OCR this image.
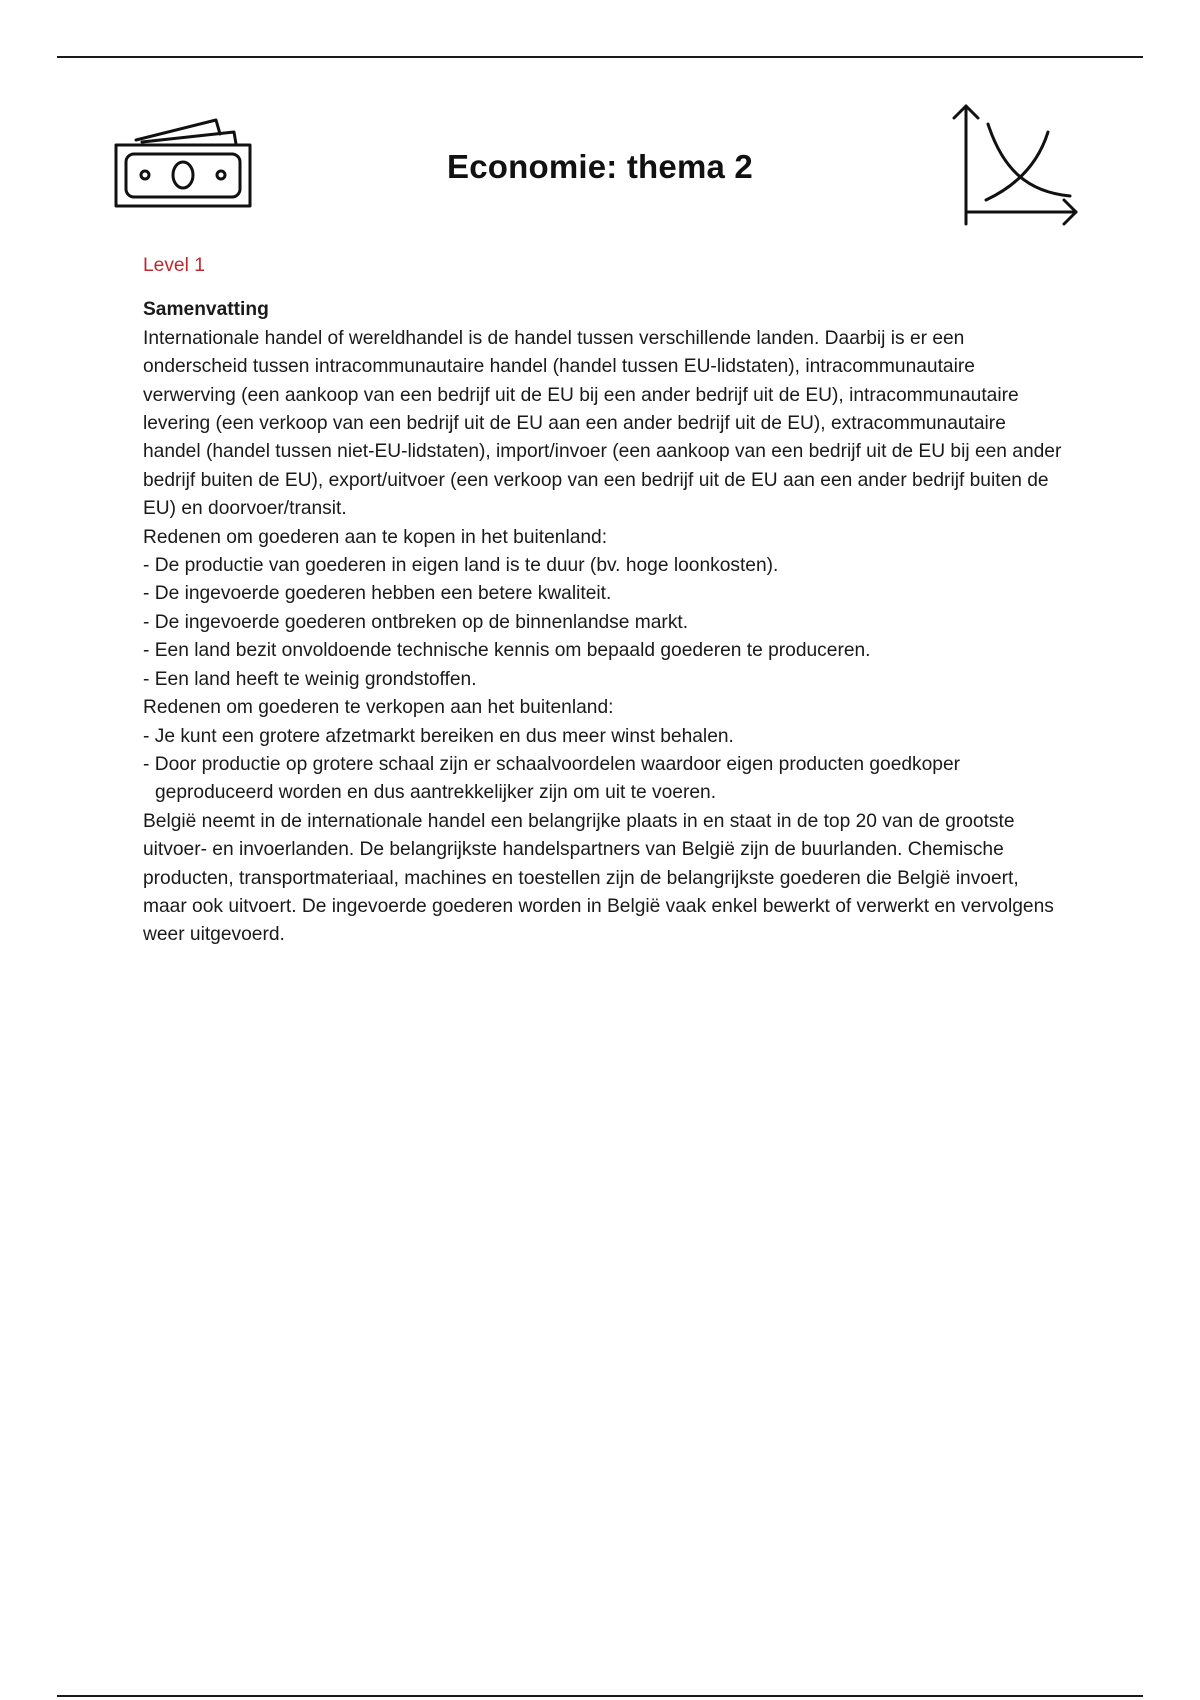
Economie: thema 2
Level 1
Samenvatting

Internationale handel of wereldhandel is de handel tussen verschillende landen. Daarbij is er een onderscheid tussen intracommunautaire handel (handel tussen EU-lidstaten), intracommunautaire verwerving (een aankoop van een bedrijf uit de EU bij een ander bedrijf uit de EU), intracommunautaire levering (een verkoop van een bedrijf uit de EU aan een ander bedrijf uit de EU), extracommunautaire handel (handel tussen niet-EU-lidstaten), import/invoer (een aankoop van een bedrijf uit de EU bij een ander bedrijf buiten de EU), export/uitvoer (een verkoop van een bedrijf uit de EU aan een ander bedrijf buiten de EU) en doorvoer/transit.

Redenen om goederen aan te kopen in het buitenland:

- De productie van goederen in eigen land is te duur (bv. hoge loonkosten).

- De ingevoerde goederen hebben een betere kwaliteit.

- De ingevoerde goederen ontbreken op de binnenlandse markt.

- Een land bezit onvoldoende technische kennis om bepaald goederen te produceren.

- Een land heeft te weinig grondstoffen.

Redenen om goederen te verkopen aan het buitenland:

- Je kunt een grotere afzetmarkt bereiken en dus meer winst behalen.

- Door productie op grotere schaal zijn er schaalvoordelen waardoor eigen producten goedkoper geproduceerd worden en dus aantrekkelijker zijn om uit te voeren.

België neemt in de internationale handel een belangrijke plaats in en staat in de top 20 van de grootste uitvoer- en invoerlanden. De belangrijkste handelspartners van België zijn de buurlanden. Chemische producten, transportmateriaal, machines en toestellen zijn de belangrijkste goederen die België invoert, maar ook uitvoert. De ingevoerde goederen worden in België vaak enkel bewerkt of verwerkt en vervolgens weer uitgevoerd.
